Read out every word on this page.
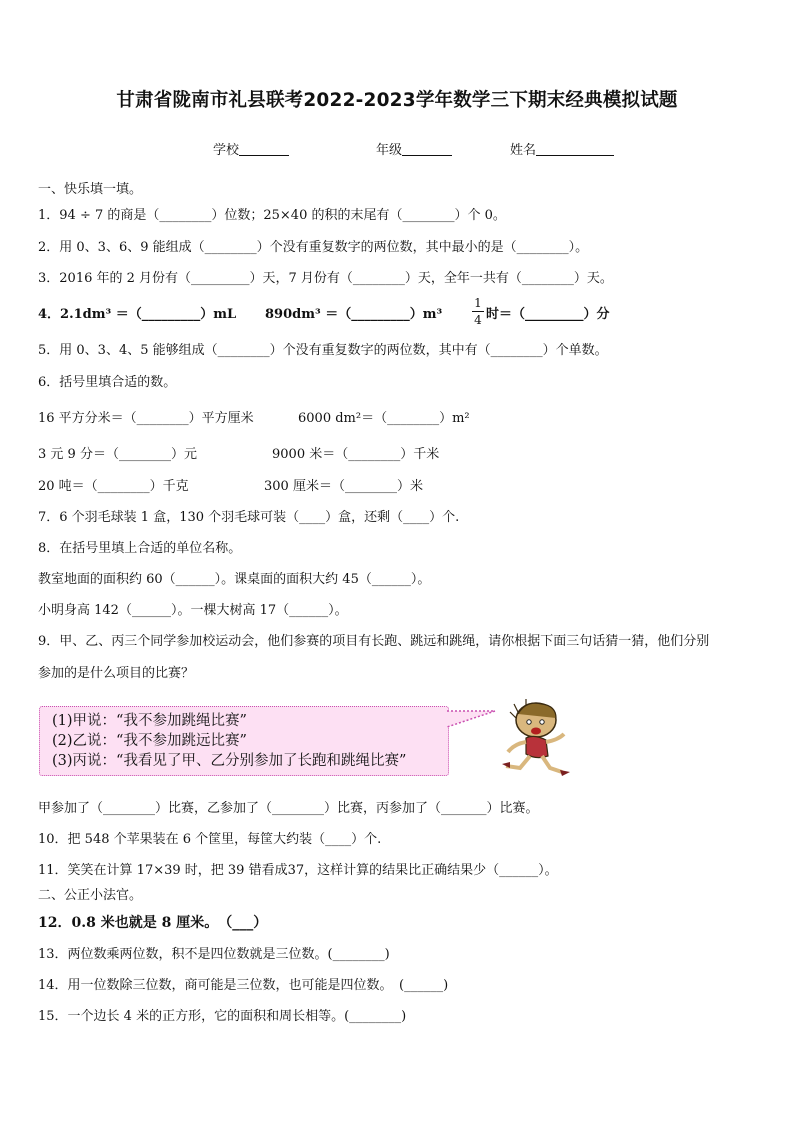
甘肃省陇南市礼县联考2022-2023学年数学三下期末经典模拟试题
学校	年级	姓名
一、快乐填一填。
1．94 ÷ 7 的商是（________）位数；25×40 的积的末尾有（________）个 0。
2．用 0、3、6、9 能组成（________）个没有重复数字的两位数，其中最小的是（________）。
3．2016 年的 2 月份有（_________）天，7 月份有（________）天，全年一共有（________）天。
4．2.1dm³ ＝（_________）mL 890dm³ ＝（_________）m³
1
4 时＝（_________）分
5．用 0、3、4、5 能够组成（________）个没有重复数字的两位数，其中有（________）个单数。
6．括号里填合适的数。
16 平方分米＝（________）平方厘米	6000 dm²＝（________）m²
3 元 9 分＝（________）元	9000 米＝（________）千米
20 吨＝（________）千克	300 厘米＝（________）米
7．6 个羽毛球装 1 盒，130 个羽毛球可装（____）盒，还剩（____）个.
8．在括号里填上合适的单位名称。
教室地面的面积约 60（______）。课桌面的面积大约 45（______）。
小明身高 142（______）。一棵大树高 17（______）。
9．甲、乙、丙三个同学参加校运动会，他们参赛的项目有长跑、跳远和跳绳，请你根据下面三句话猜一猜，他们分别
参加的是什么项目的比赛？
(1)甲说：“我不参加跳绳比赛”
(2)乙说：“我不参加跳远比赛”
(3)丙说：“我看见了甲、乙分别参加了长跑和跳绳比赛”
甲参加了（________）比赛，乙参加了（________）比赛，丙参加了（_______）比赛。
10．把 548 个苹果装在 6 个筐里，每筐大约装（____）个.
11．笑笑在计算 17×39 时，把 39 错看成37，这样计算的结果比正确结果少（______）。
二、公正小法官。
12．0.8 米也就是 8 厘米。　（___）
13．两位数乘两位数，积不是四位数就是三位数。(________)
14．用一位数除三位数，商可能是三位数，也可能是四位数。　(______)
15．一个边长 4 米的正方形，它的面积和周长相等。(________)
